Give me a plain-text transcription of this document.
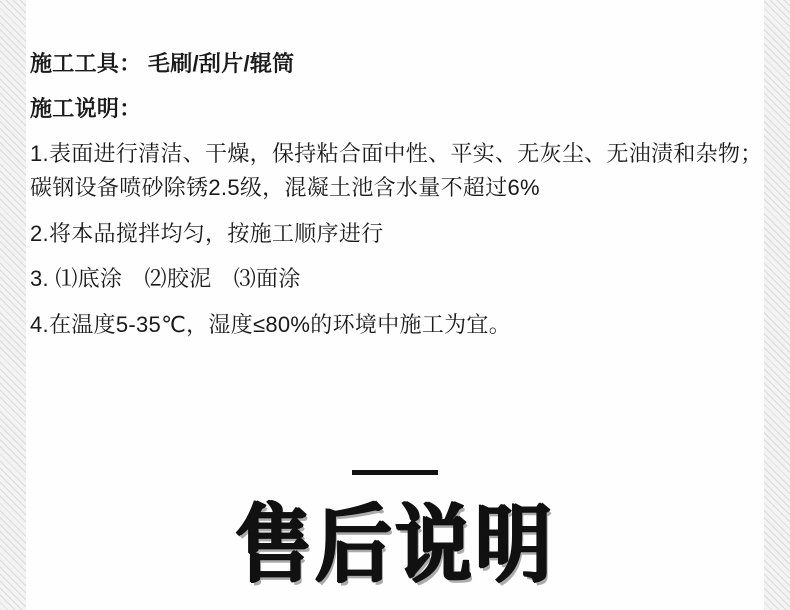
施工工具： 毛刷/刮片/辊筒

施工说明：

1.表面进行清洁、干燥，保持粘合面中性、平实、无灰尘、无油渍和杂物；碳钢设备喷砂除锈2.5级，混凝土池含水量不超过6%

2.将本品搅拌均匀，按施工顺序进行

3. ⑴底涂　⑵胶泥　⑶面涂

4.在温度5-35℃，湿度≤80%的环境中施工为宜。

售后说明
